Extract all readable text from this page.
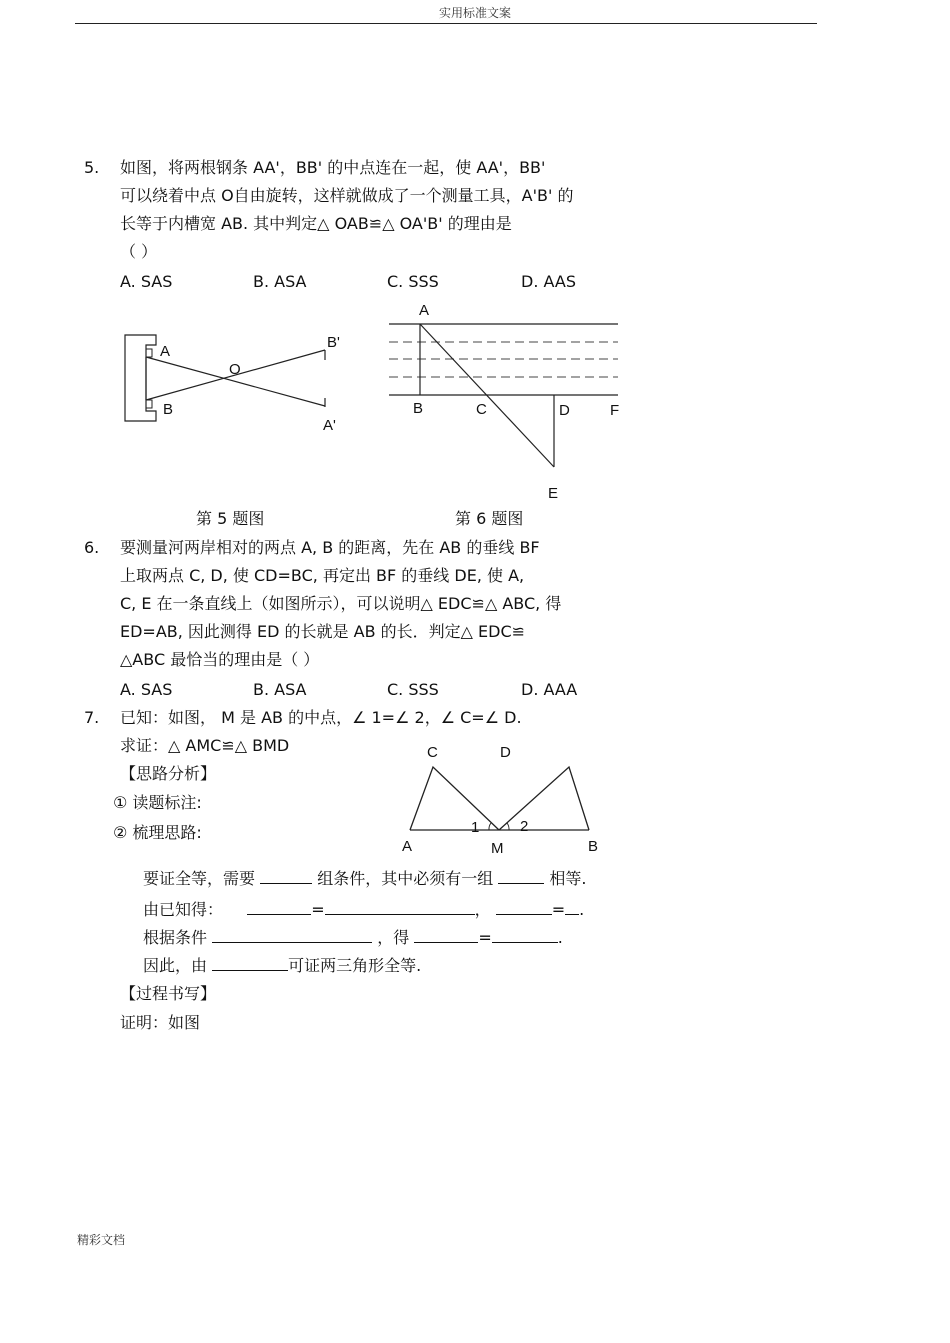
实用标准文案
精彩文档
5. 如图，将两根钢条 AA'，BB' 的中点连在一起，使 AA'，BB'
可以绕着中点 O自由旋转，这样就做成了一个测量工具，A'B' 的
长等于内槽宽 AB. 其中判定△ OAB≌△ OA'B' 的理由是
（ ）
A. SAS	B. ASA	C. SSS	D. AAS
A
B
O
B'
A'
A
B	C	D	F
E
第 5 题图	第 6 题图
6. 要测量河两岸相对的两点 A, B 的距离，先在 AB 的垂线 BF
上取两点 C, D, 使 CD=BC, 再定出 BF 的垂线 DE, 使 A,
C, E 在一条直线上（如图所示），可以说明△ EDC≌△ ABC, 得
ED=AB, 因此测得 ED 的长就是 AB 的长．判定△ EDC≌
△ABC 最恰当的理由是（ ）
A. SAS	B. ASA	C. SSS	D. AAA
7. 已知：如图， M 是 AB 的中点，∠ 1=∠ 2，∠ C=∠ D.
求证：△ AMC≌△ BMD
【思路分析】
① 读题标注:
② 梳理思路:
C	D
A	M	B
1	2
要证全等，需要	组条件，其中必须有一组	相等.
由已知得：	=	，	= .
根据条件	，得	=	.
因此，由	可证两三角形全等.
【过程书写】
证明：如图
